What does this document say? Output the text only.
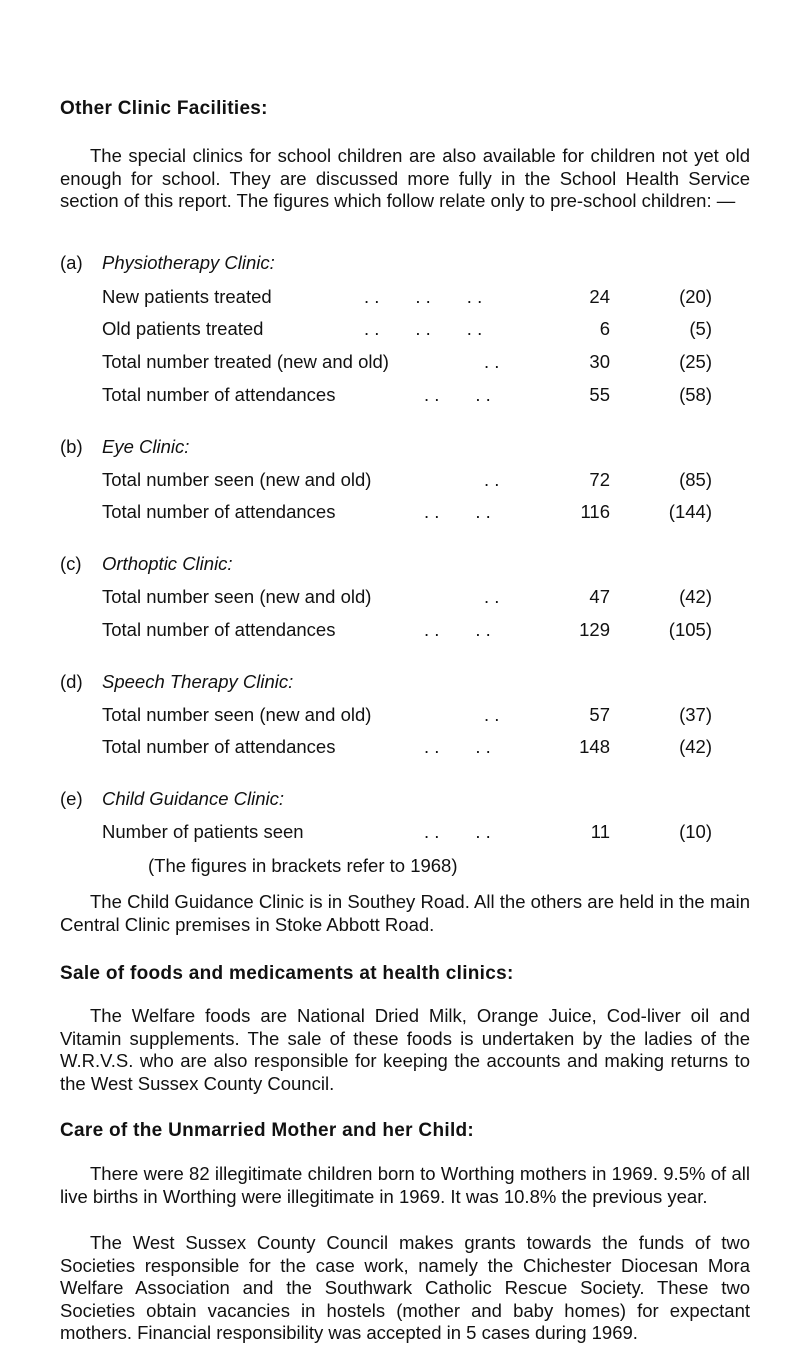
Other Clinic Facilities:

The special clinics for school children are also available for children not yet old enough for school. They are discussed more fully in the School Health Service section of this report. The figures which follow relate only to pre-school children: —

(a) Physiotherapy Clinic:
New patients treated	. .       . .       . .	24	(20)
Old patients treated	. .       . .       . .	6	(5)
Total number treated (new and old)	. .	30	(25)
Total number of attendances	. .       . .	55	(58)
(b) Eye Clinic:
Total number seen (new and old)	. .	72	(85)
Total number of attendances	. .       . .	116	(144)
(c) Orthoptic Clinic:
Total number seen (new and old)	. .	47	(42)
Total number of attendances	. .       . .	129	(105)
(d) Speech Therapy Clinic:
Total number seen (new and old)	. .	57	(37)
Total number of attendances	. .       . .	148	(42)
(e) Child Guidance Clinic:
Number of patients seen	. .       . .	11	(10)
(The figures in brackets refer to 1968)

The Child Guidance Clinic is in Southey Road. All the others are held in the main Central Clinic premises in Stoke Abbott Road.

Sale of foods and medicaments at health clinics:

The Welfare foods are National Dried Milk, Orange Juice, Cod-liver oil and Vitamin supplements. The sale of these foods is undertaken by the ladies of the W.R.V.S. who are also responsible for keeping the accounts and making returns to the West Sussex County Council.

Care of the Unmarried Mother and her Child:

There were 82 illegitimate children born to Worthing mothers in 1969. 9.5% of all live births in Worthing were illegitimate in 1969. It was 10.8% the previous year.

The West Sussex County Council makes grants towards the funds of two Societies responsible for the case work, namely the Chichester Diocesan Mora Welfare Association and the Southwark Catholic Rescue Society. These two Societies obtain vacancies in hostels (mother and baby homes) for expectant mothers. Financial responsibility was accepted in 5 cases during 1969.
